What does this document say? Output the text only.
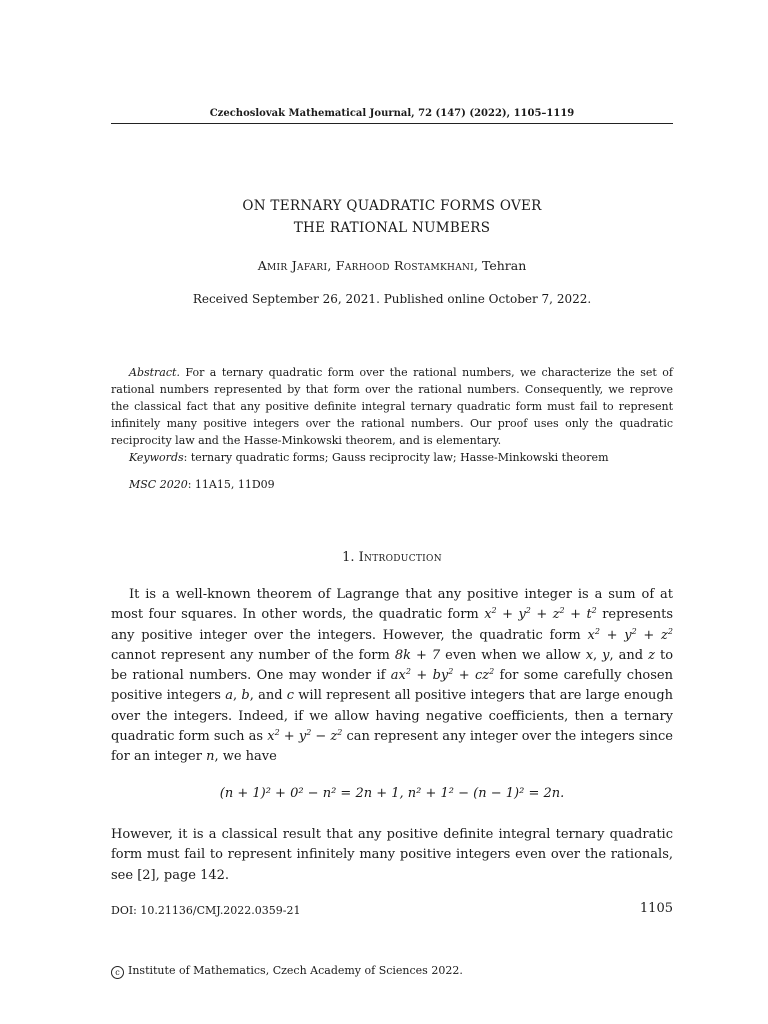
Czechoslovak Mathematical Journal, 72 (147) (2022), 1105–1119
ON TERNARY QUADRATIC FORMS OVER
THE RATIONAL NUMBERS
Amir Jafari, Farhood Rostamkhani, Tehran
Received September 26, 2021. Published online October 7, 2022.
Abstract. For a ternary quadratic form over the rational numbers, we characterize the set of rational numbers represented by that form over the rational numbers. Consequently, we reprove the classical fact that any positive definite integral ternary quadratic form must fail to represent infinitely many positive integers over the rational numbers. Our proof uses only the quadratic reciprocity law and the Hasse-Minkowski theorem, and is elementary.
Keywords: ternary quadratic forms; Gauss reciprocity law; Hasse-Minkowski theorem
MSC 2020: 11A15, 11D09
1. Introduction
It is a well-known theorem of Lagrange that any positive integer is a sum of at most four squares. In other words, the quadratic form $x^2 + y^2 + z^2 + t^2$ represents any positive integer over the integers. However, the quadratic form $x^2 + y^2 + z^2$ cannot represent any number of the form 8k + 7 even when we allow x, y, and z to be rational numbers. One may wonder if $ax^2 + by^2 + cz^2$ for some carefully chosen positive integers a, b, and c will represent all positive integers that are large enough over the integers. Indeed, if we allow having negative coefficients, then a ternary quadratic form such as $x^2 + y^2 - z^2$ can represent any integer over the integers since for an integer n, we have
(n + 1)² + 0² − n² = 2n + 1, n² + 1² − (n − 1)² = 2n.
However, it is a classical result that any positive definite integral ternary quadratic form must fail to represent infinitely many positive integers even over the rationals, see [2], page 142.
DOI: 10.21136/CMJ.2022.0359-21	1105
c Institute of Mathematics, Czech Academy of Sciences 2022.
